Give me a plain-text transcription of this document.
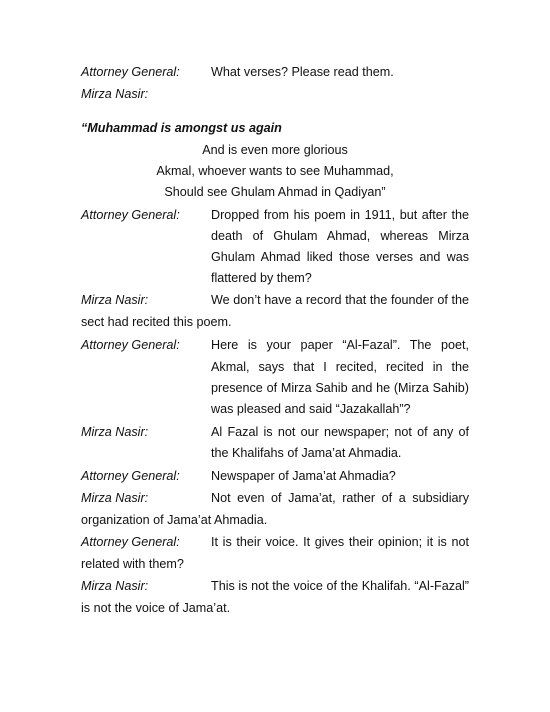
Attorney General: What verses? Please read them.
Mirza Nasir:
“Muhammad is amongst us again
And is even more glorious
Akmal, whoever wants to see Muhammad,
Should see Ghulam Ahmad in Qadiyan”
Attorney General: Dropped from his poem in 1911, but after the
death of Ghulam Ahmad, whereas Mirza
Ghulam Ahmad liked those verses and was
flattered by them?
Mirza Nasir:	We don’t have a record that the founder of the
sect had recited this poem.
Attorney General: Here is your paper “Al-Fazal”. The poet,
Akmal, says that I recited, recited in the
presence of Mirza Sahib and he (Mirza Sahib)
was pleased and said “Jazakallah”?
Mirza Nasir:	Al Fazal is not our newspaper; not of any of
the Khalifahs of Jama’at Ahmadia.
Attorney General: Newspaper of Jama’at Ahmadia?
Mirza Nasir:	Not even of Jama’at, rather of a subsidiary
organization of Jama’at Ahmadia.
Attorney General: It is their voice. It gives their opinion; it is not
related with them?
Mirza Nasir:	This is not the voice of the Khalifah. “Al-Fazal”
is not the voice of Jama’at.
